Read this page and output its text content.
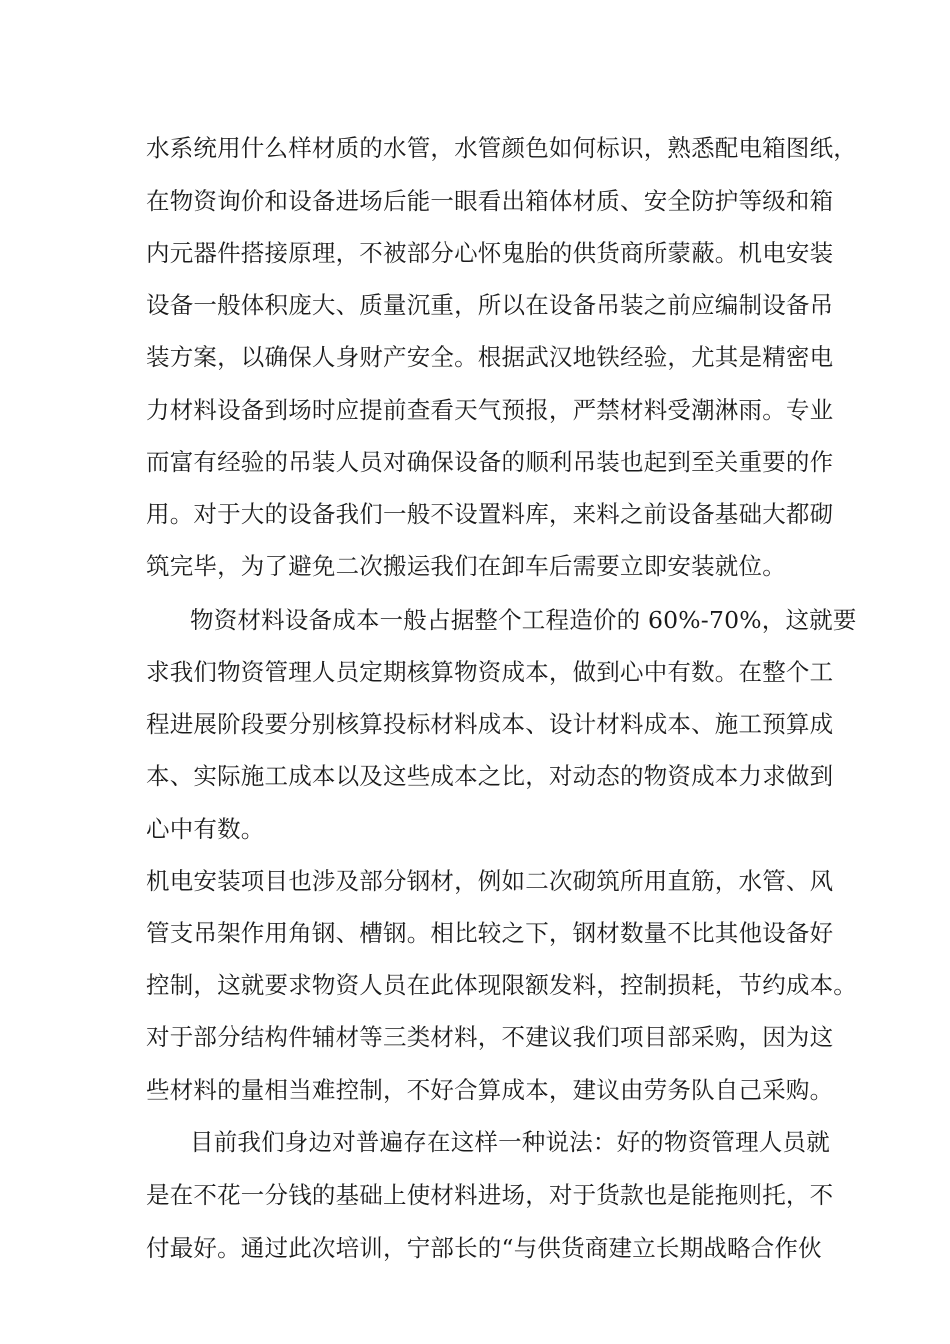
水系统用什么样材质的水管，水管颜色如何标识，熟悉配电箱图纸，
在物资询价和设备进场后能一眼看出箱体材质、安全防护等级和箱
内元器件搭接原理，不被部分心怀鬼胎的供货商所蒙蔽。机电安装
设备一般体积庞大、质量沉重，所以在设备吊装之前应编制设备吊
装方案，以确保人身财产安全。根据武汉地铁经验，尤其是精密电
力材料设备到场时应提前查看天气预报，严禁材料受潮淋雨。专业
而富有经验的吊装人员对确保设备的顺利吊装也起到至关重要的作
用。对于大的设备我们一般不设置料库，来料之前设备基础大都砌
筑完毕，为了避免二次搬运我们在卸车后需要立即安装就位。
物资材料设备成本一般占据整个工程造价的 60%-70%，这就要
求我们物资管理人员定期核算物资成本，做到心中有数。在整个工
程进展阶段要分别核算投标材料成本、设计材料成本、施工预算成
本、实际施工成本以及这些成本之比，对动态的物资成本力求做到
心中有数。
机电安装项目也涉及部分钢材，例如二次砌筑所用直筋，水管、风
管支吊架作用角钢、槽钢。相比较之下，钢材数量不比其他设备好
控制，这就要求物资人员在此体现限额发料，控制损耗，节约成本。
对于部分结构件辅材等三类材料，不建议我们项目部采购，因为这
些材料的量相当难控制，不好合算成本，建议由劳务队自己采购。
目前我们身边对普遍存在这样一种说法：好的物资管理人员就
是在不花一分钱的基础上使材料进场，对于货款也是能拖则托，不
付最好。通过此次培训，宁部长的“与供货商建立长期战略合作伙
